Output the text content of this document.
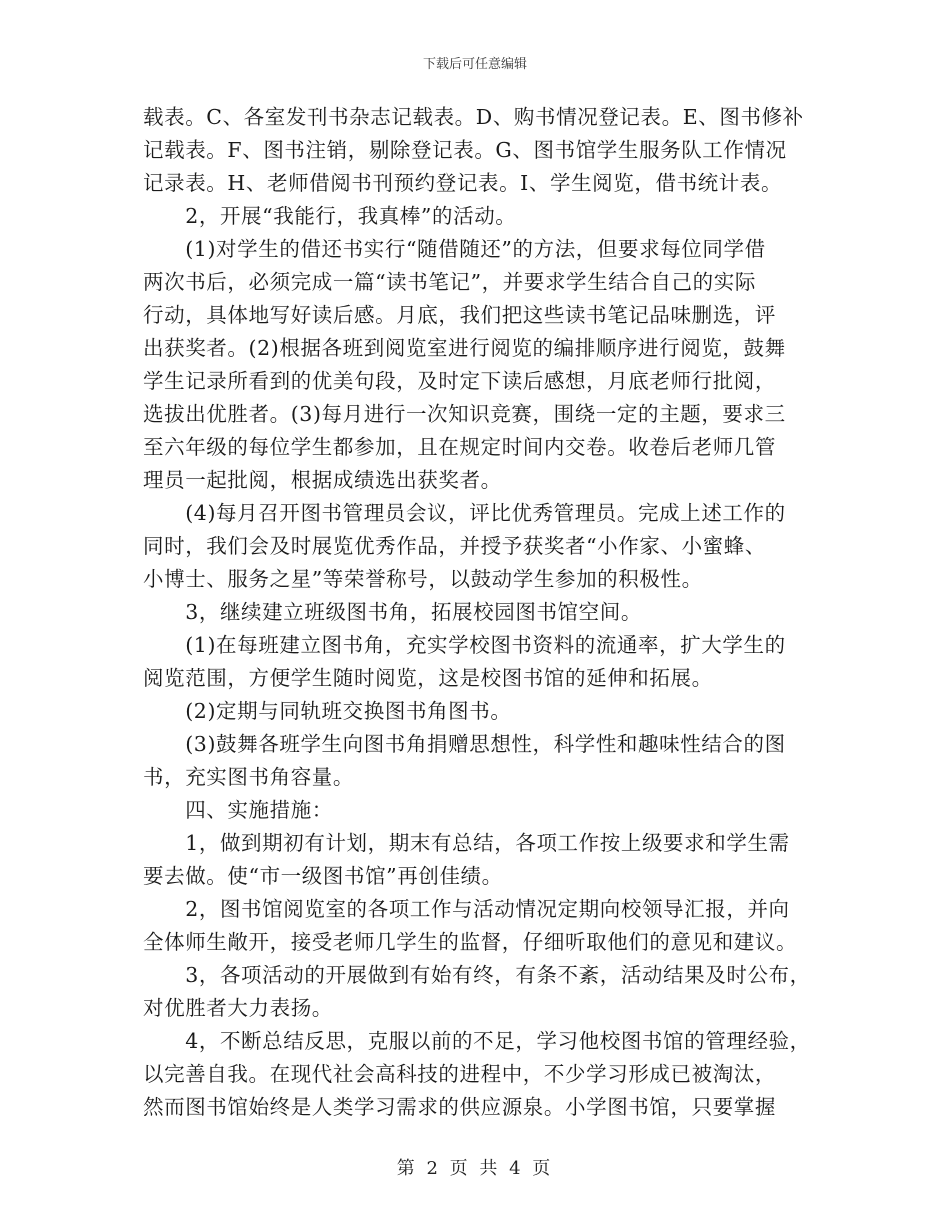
下载后可任意编辑
载表。C、各室发刊书杂志记载表。D、购书情况登记表。E、图书修补
记载表。F、图书注销，剔除登记表。G、图书馆学生服务队工作情况
记录表。H、老师借阅书刊预约登记表。I、学生阅览，借书统计表。
　　2，开展“我能行，我真棒”的活动。
　　(1)对学生的借还书实行“随借随还”的方法，但要求每位同学借
两次书后，必须完成一篇“读书笔记”，并要求学生结合自己的实际
行动，具体地写好读后感。月底，我们把这些读书笔记品味删选，评
出获奖者。(2)根据各班到阅览室进行阅览的编排顺序进行阅览，鼓舞
学生记录所看到的优美句段，及时定下读后感想，月底老师行批阅，
选拔出优胜者。(3)每月进行一次知识竞赛，围绕一定的主题，要求三
至六年级的每位学生都参加，且在规定时间内交卷。收卷后老师几管
理员一起批阅，根据成绩选出获奖者。
　　(4)每月召开图书管理员会议，评比优秀管理员。完成上述工作的
同时，我们会及时展览优秀作品，并授予获奖者“小作家、小蜜蜂、
小博士、服务之星”等荣誉称号，以鼓动学生参加的积极性。
　　3，继续建立班级图书角，拓展校园图书馆空间。
　　(1)在每班建立图书角，充实学校图书资料的流通率，扩大学生的
阅览范围，方便学生随时阅览，这是校图书馆的延伸和拓展。
　　(2)定期与同轨班交换图书角图书。
　　(3)鼓舞各班学生向图书角捐赠思想性，科学性和趣味性结合的图
书，充实图书角容量。
　　四、实施措施：
　　1，做到期初有计划，期末有总结，各项工作按上级要求和学生需
要去做。使“市一级图书馆”再创佳绩。
　　2，图书馆阅览室的各项工作与活动情况定期向校领导汇报，并向
全体师生敞开，接受老师几学生的监督，仔细听取他们的意见和建议。
　　3，各项活动的开展做到有始有终，有条不紊，活动结果及时公布，
对优胜者大力表扬。
　　4，不断总结反思，克服以前的不足，学习他校图书馆的管理经验，
以完善自我。在现代社会高科技的进程中，不少学习形成已被淘汰，
然而图书馆始终是人类学习需求的供应源泉。小学图书馆，只要掌握
第 2 页 共 4 页
